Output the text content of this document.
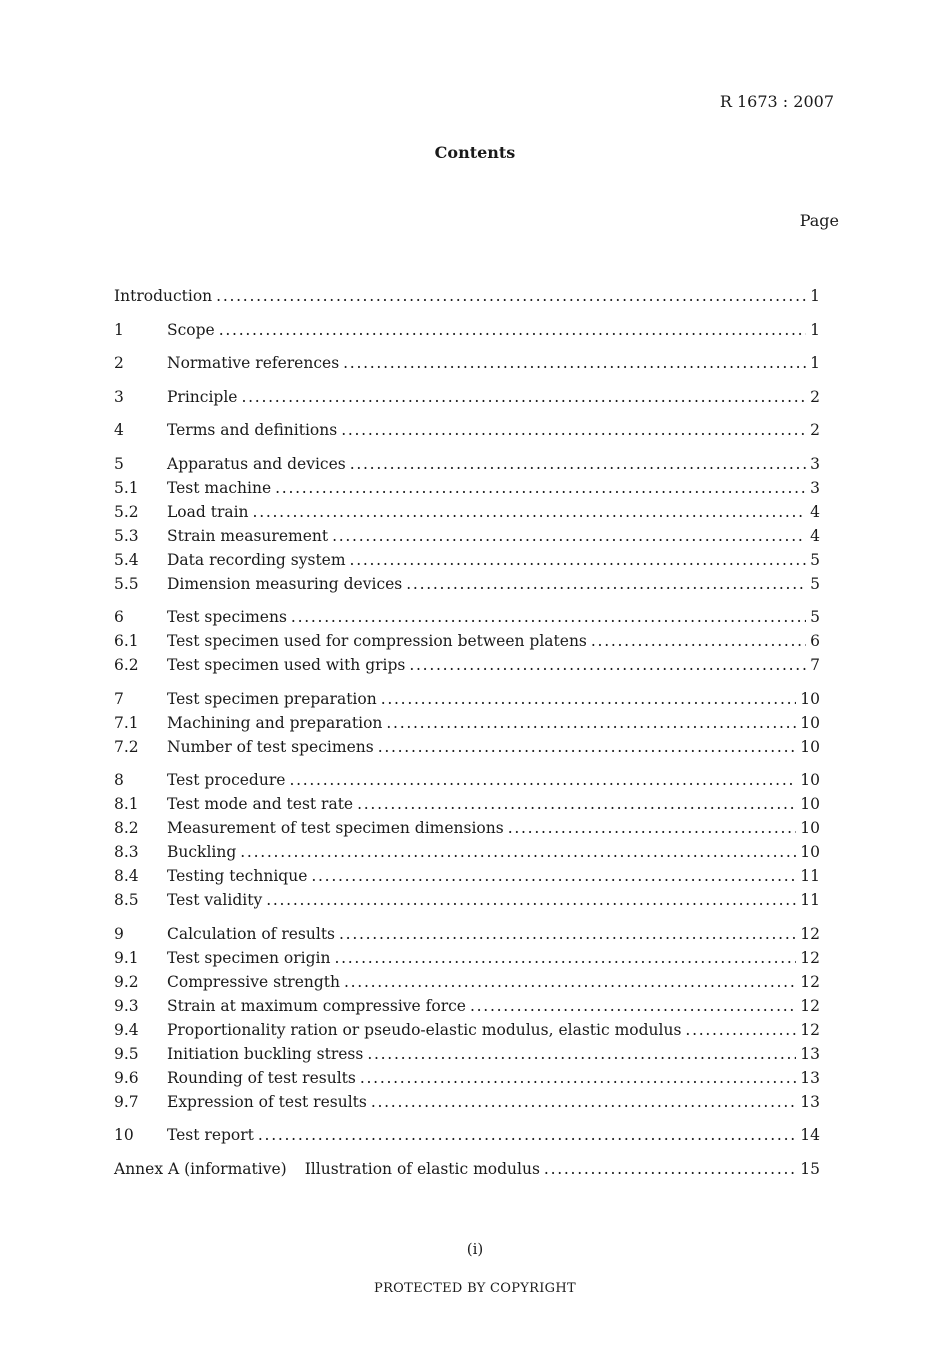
R 1673 : 2007
Contents
Page
Introduction . . .	1
1	Scope . . .	1
2	Normative references . . .	1
3	Principle . . .	2
4	Terms and definitions . . .	2
5	Apparatus and devices . . .	3
5.1	Test machine . . .	3
5.2	Load train . . .	4
5.3	Strain measurement . . .	4
5.4	Data recording system . . .	5
5.5	Dimension measuring devices . . .	5
6	Test specimens . . .	5
6.1	Test specimen used for compression between platens . . .	6
6.2	Test specimen used with grips . . .	7
7	Test specimen preparation . . .	10
7.1	Machining and preparation . . .	10
7.2	Number of test specimens . . .	10
8	Test procedure . . .	10
8.1	Test mode and test rate . . .	10
8.2	Measurement of test specimen dimensions . . .	10
8.3	Buckling . . .	10
8.4	Testing technique . . .	11
8.5	Test validity . . .	11
9	Calculation of results . . .	12
9.1	Test specimen origin . . .	12
9.2	Compressive strength . . .	12
9.3	Strain at maximum compressive force . . .	12
9.4	Proportionality ration or pseudo-elastic modulus, elastic modulus . . .	12
9.5	Initiation buckling stress . . .	13
9.6	Rounding of test results . . .	13
9.7	Expression of test results . . .	13
10	Test report . . .	14
Annex A (informative)	Illustration of elastic modulus . . .	15
(i)
PROTECTED BY COPYRIGHT
